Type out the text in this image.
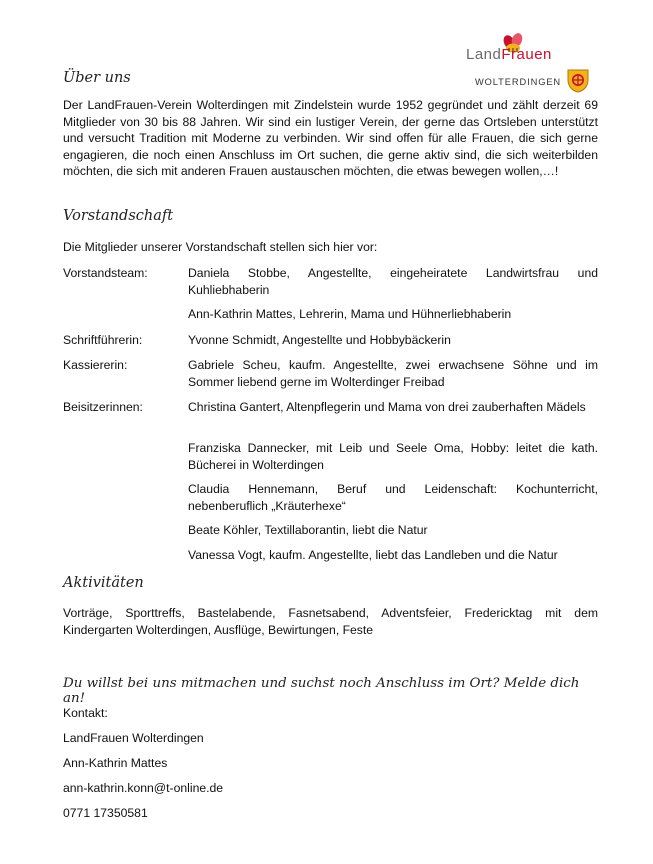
LandFrauen
WOLTERDINGEN
Über uns

Der LandFrauen-Verein Wolterdingen mit Zindelstein wurde 1952 gegründet und zählt derzeit 69 Mitglieder von 30 bis 88 Jahren. Wir sind ein lustiger Verein, der gerne das Ortsleben unterstützt und versucht Tradition mit Moderne zu verbinden. Wir sind offen für alle Frauen, die sich gerne engagieren, die noch einen Anschluss im Ort suchen, die gerne aktiv sind, die sich weiterbilden möchten, die sich mit anderen Frauen austauschen möchten, die etwas bewegen wollen,…!

Vorstandschaft

Die Mitglieder unserer Vorstandschaft stellen sich hier vor:

Vorstandsteam:	Daniela Stobbe, Angestellte, eingeheiratete Landwirtsfrau und Kuhliebhaberin
Ann-Kathrin Mattes, Lehrerin, Mama und Hühnerliebhaberin
Schriftführerin:	Yvonne Schmidt, Angestellte und Hobbybäckerin
Kassiererin:	Gabriele Scheu, kaufm. Angestellte, zwei erwachsene Söhne und im Sommer liebend gerne im Wolterdinger Freibad
Beisitzerinnen:	Christina Gantert, Altenpflegerin und Mama von drei zauberhaften Mädels
Franziska Dannecker, mit Leib und Seele Oma, Hobby: leitet die kath. Bücherei in Wolterdingen
Claudia Hennemann, Beruf und Leidenschaft: Kochunterricht, nebenberuflich „Kräuterhexe“
Beate Köhler, Textillaborantin, liebt die Natur
Vanessa Vogt, kaufm. Angestellte, liebt das Landleben und die Natur
Aktivitäten

Vorträge, Sporttreffs, Bastelabende, Fasnetsabend, Adventsfeier, Fredericktag mit dem Kindergarten Wolterdingen, Ausflüge, Bewirtungen, Feste

Du willst bei uns mitmachen und suchst noch Anschluss im Ort? Melde dich an!
Kontakt:
LandFrauen Wolterdingen
Ann-Kathrin Mattes
ann-kathrin.konn@t-online.de
0771 17350581
